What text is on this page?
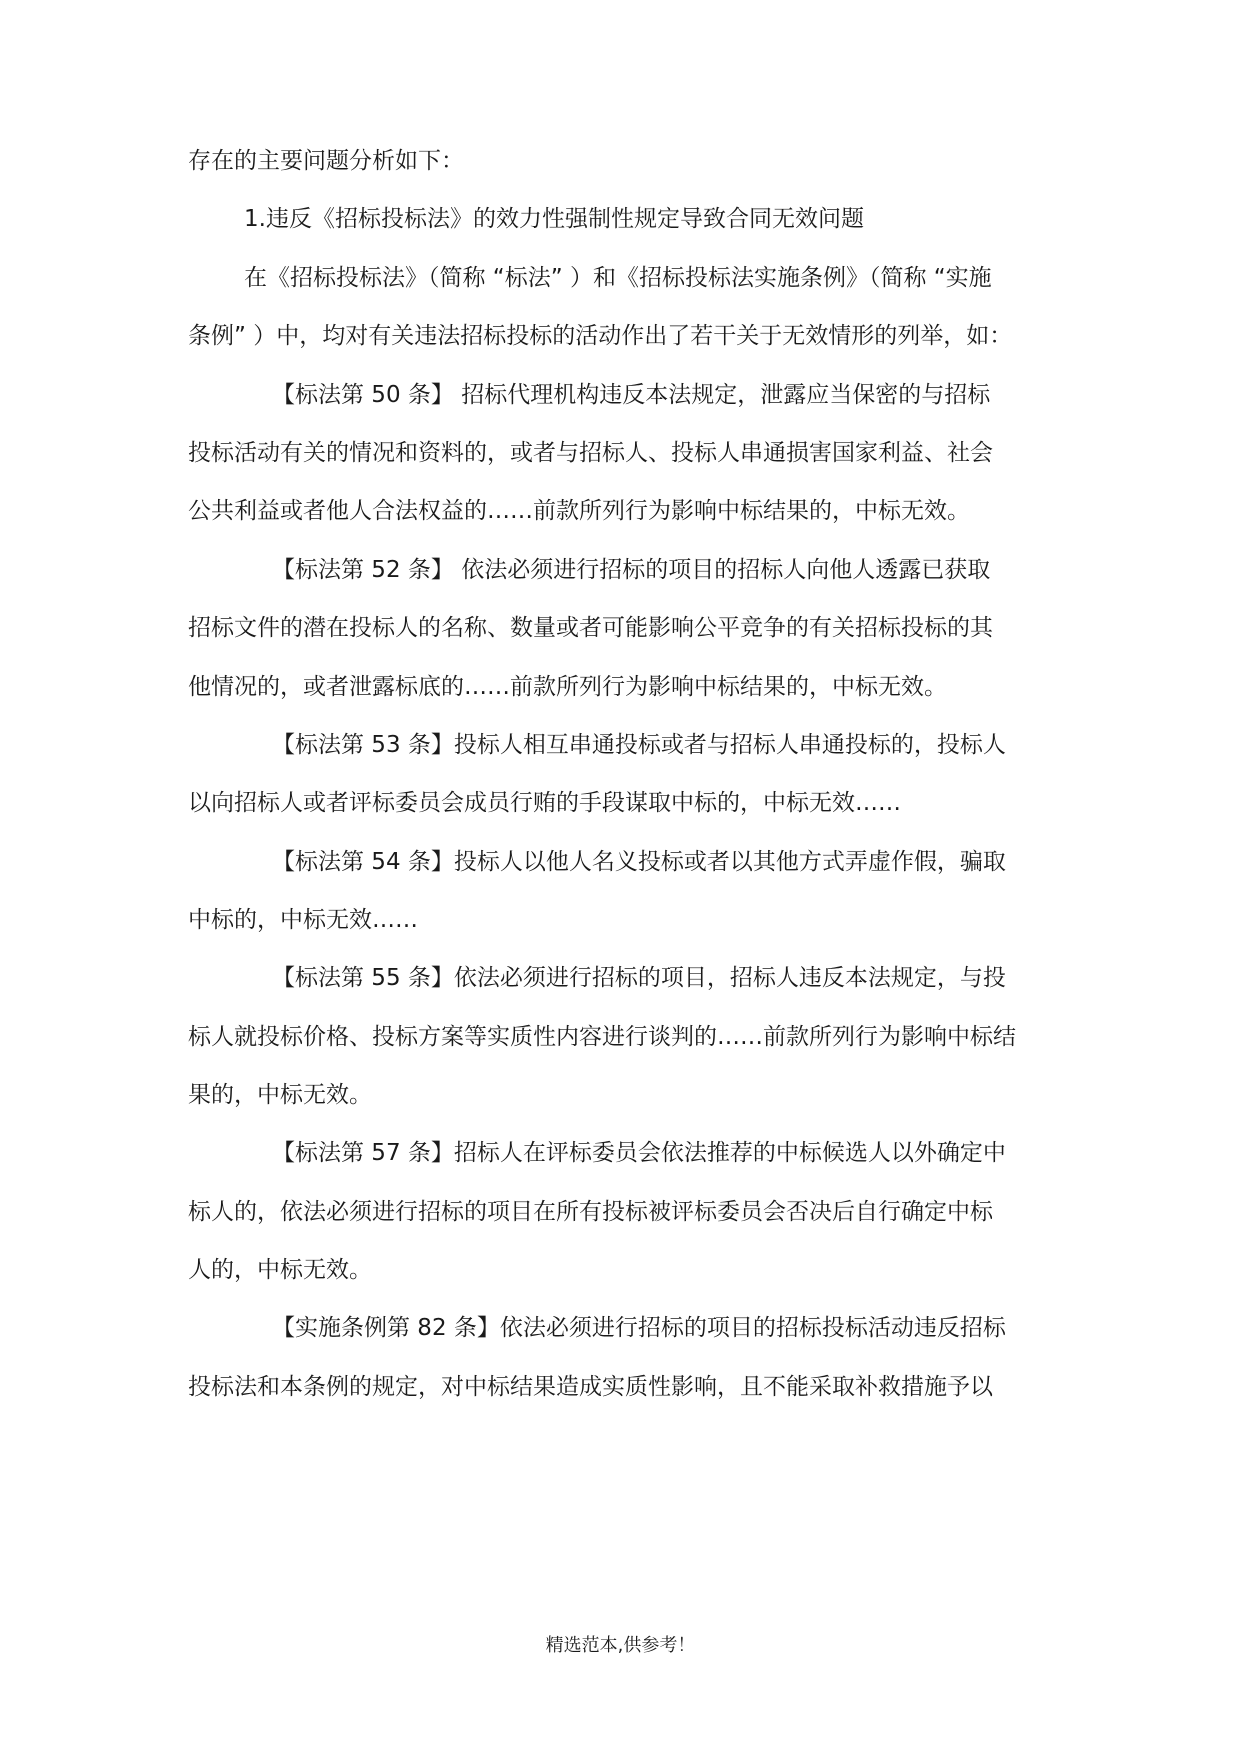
存在的主要问题分析如下：
1.违反《招标投标法》的效力性强制性规定导致合同无效问题
在《招标投标法》（简称 “标法” ）和《招标投标法实施条例》（简称 “实施
条例” ）中，均对有关违法招标投标的活动作出了若干关于无效情形的列举，如：
【标法第 50 条】 招标代理机构违反本法规定，泄露应当保密的与招标
投标活动有关的情况和资料的，或者与招标人、投标人串通损害国家利益、社会
公共利益或者他人合法权益的……前款所列行为影响中标结果的，中标无效。
【标法第 52 条】 依法必须进行招标的项目的招标人向他人透露已获取
招标文件的潜在投标人的名称、数量或者可能影响公平竞争的有关招标投标的其
他情况的，或者泄露标底的……前款所列行为影响中标结果的，中标无效。
【标法第 53 条】投标人相互串通投标或者与招标人串通投标的，投标人
以向招标人或者评标委员会成员行贿的手段谋取中标的，中标无效……
【标法第 54 条】投标人以他人名义投标或者以其他方式弄虚作假，骗取
中标的，中标无效……
【标法第 55 条】依法必须进行招标的项目，招标人违反本法规定，与投
标人就投标价格、投标方案等实质性内容进行谈判的……前款所列行为影响中标结
果的，中标无效。
【标法第 57 条】招标人在评标委员会依法推荐的中标候选人以外确定中
标人的，依法必须进行招标的项目在所有投标被评标委员会否决后自行确定中标
人的，中标无效。
【实施条例第 82 条】依法必须进行招标的项目的招标投标活动违反招标
投标法和本条例的规定，对中标结果造成实质性影响，且不能采取补救措施予以
精选范本,供参考！
